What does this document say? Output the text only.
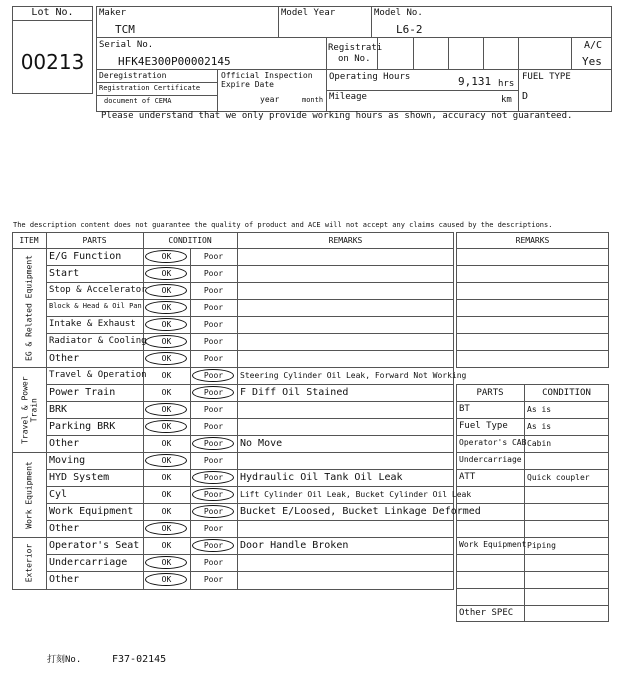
Lot No.
00213
Maker
TCM
Model Year	Model No.
L6-2
Serial No.
HFK4E300P00002145
Registrati
on No.
A/C
Yes
Deregistration
Registration Certificate
document of CEMA
Official Inspection
Expire Date
year	month
Operating Hours	9,131 hrs
Mileage	km
FUEL TYPE
D
Please understand that we only provide working hours as shown, accuracy not guaranteed.
The description content does not guarantee the quality of product and ACE will not accept any claims caused by the descriptions.
ITEM	PARTS	CONDITION	REMARKS
E/G Function	OK	Poor
Start	OK	Poor
Stop & Accelerator	OK	Poor
Block & Head & Oil Pan	OK	Poor
Intake & Exhaust	OK	Poor
Radiator & Cooling	OK	Poor
Other	OK	Poor
EG & Related Equipment
Travel & Operation	OK	Poor	Steering Cylinder Oil Leak, Forward Not Working
Power Train	OK	Poor	F Diff Oil Stained
BRK	OK	Poor
Parking BRK	OK	Poor
Other	OK	Poor	No Move
Travel & Power Train
Moving	OK	Poor
HYD System	OK	Poor	Hydraulic Oil Tank Oil Leak
Cyl	OK	Poor	Lift Cylinder Oil Leak, Bucket Cylinder Oil Leak
Work Equipment	OK	Poor	Bucket E/Loosed, Bucket Linkage Deformed
Other	OK	Poor
Work Equipment
Operator's Seat	OK	Poor	Door Handle Broken
Undercarriage	OK	Poor
Other	OK	Poor
Exterior
REMARKS
PARTS	CONDITION
BT	As is
Fuel Type As is
Operator's CAB Cabin
Undercarriage
ATT	Quick coupler
Work Equipment Piping
Other SPEC
打刻No.	F37-02145
